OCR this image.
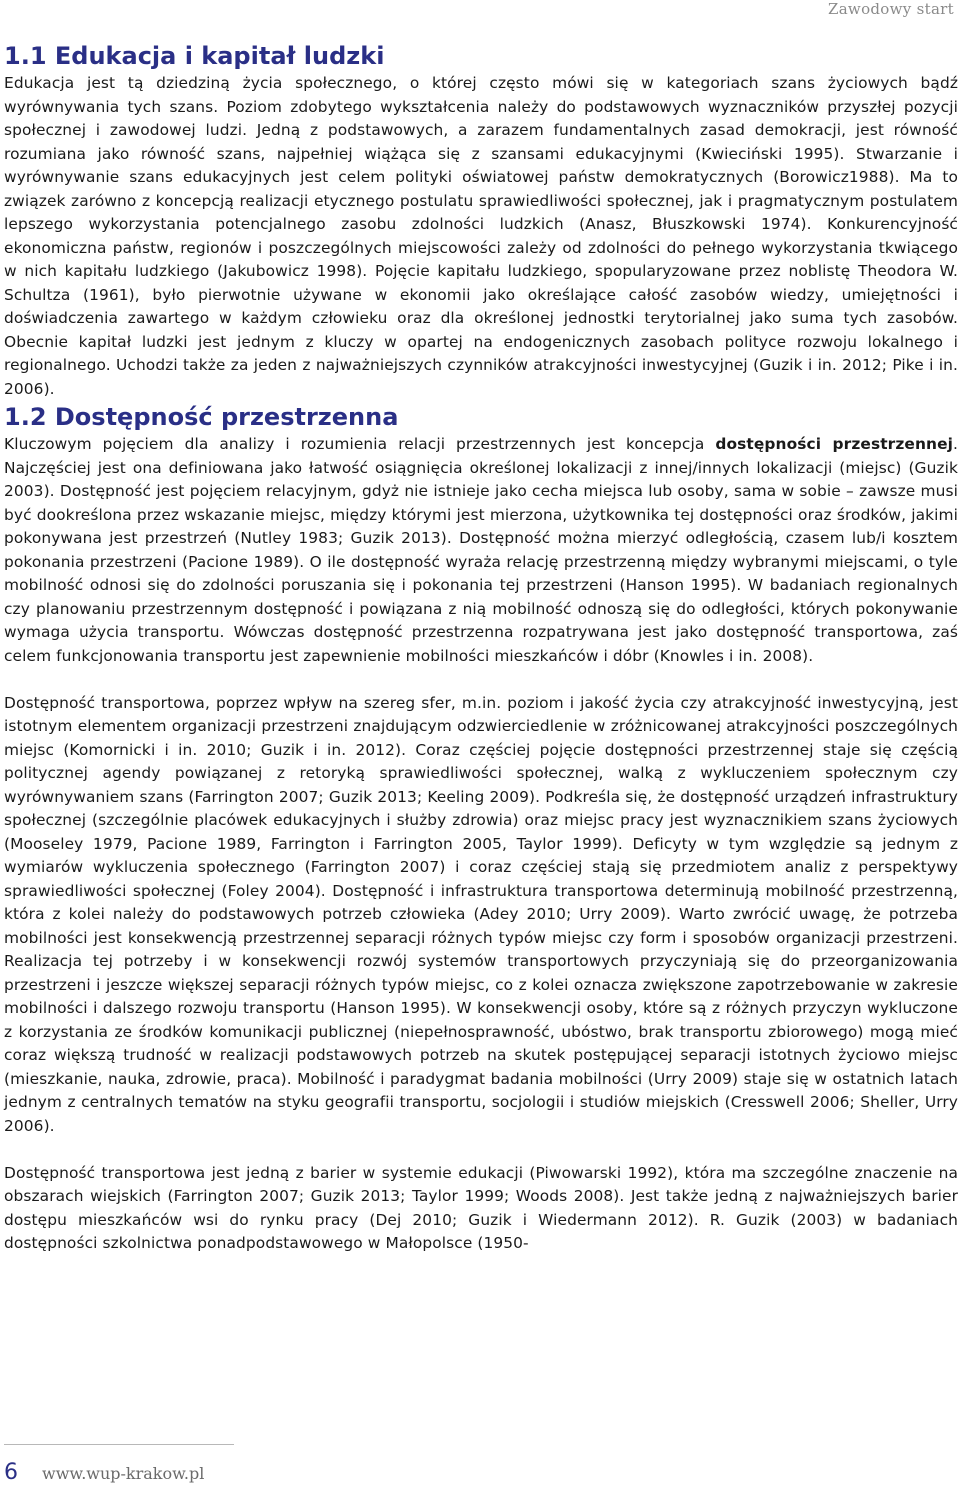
Zawodowy start
1.1 Edukacja i kapitał ludzki

Edukacja jest tą dziedziną życia społecznego, o której często mówi się w kategoriach szans życiowych bądź wyrównywania tych szans. Poziom zdobytego wykształcenia należy do podstawowych wyznaczników przyszłej pozycji społecznej i zawodowej ludzi. Jedną z podstawowych, a zarazem fundamentalnych zasad demokracji, jest równość rozumiana jako równość szans, najpełniej wiążąca się z szansami edukacyjnymi (Kwieciński 1995). Stwarzanie i wyrównywanie szans edukacyjnych jest celem polityki oświatowej państw demokratycznych (Borowicz1988). Ma to związek zarówno z koncepcją realizacji etycznego postulatu sprawiedliwości społecznej, jak i pragmatycznym postulatem lepszego wykorzystania potencjalnego zasobu zdolności ludzkich (Anasz, Błuszkowski 1974). Konkurencyjność ekonomiczna państw, regionów i poszczególnych miejscowości zależy od zdolności do pełnego wykorzystania tkwiącego w nich kapitału ludzkiego (Jakubowicz 1998). Pojęcie kapitału ludzkiego, spopularyzowane przez noblistę Theodora W. Schultza (1961), było pierwotnie używane w ekonomii jako określające całość zasobów wiedzy, umiejętności i doświadczenia zawartego w każdym człowieku oraz dla określonej jednostki terytorialnej jako suma tych zasobów. Obecnie kapitał ludzki jest jednym z kluczy w opartej na endogenicznych zasobach polityce rozwoju lokalnego i regionalnego. Uchodzi także za jeden z najważniejszych czynników atrakcyjności inwestycyjnej (Guzik i in. 2012; Pike i in. 2006).

1.2 Dostępność przestrzenna

Kluczowym pojęciem dla analizy i rozumienia relacji przestrzennych jest koncepcja dostępności przestrzennej. Najczęściej jest ona definiowana jako łatwość osiągnięcia określonej lokalizacji z innej/innych lokalizacji (miejsc) (Guzik 2003). Dostępność jest pojęciem relacyjnym, gdyż nie istnieje jako cecha miejsca lub osoby, sama w sobie – zawsze musi być dookreślona przez wskazanie miejsc, między którymi jest mierzona, użytkownika tej dostępności oraz środków, jakimi pokonywana jest przestrzeń (Nutley 1983; Guzik 2013). Dostępność można mierzyć odległością, czasem lub/i kosztem pokonania przestrzeni (Pacione 1989). O ile dostępność wyraża relację przestrzenną między wybranymi miejscami, o tyle mobilność odnosi się do zdolności poruszania się i pokonania tej przestrzeni (Hanson 1995). W badaniach regionalnych czy planowaniu przestrzennym dostępność i powiązana z nią mobilność odnoszą się do odległości, których pokonywanie wymaga użycia transportu. Wówczas dostępność przestrzenna rozpatrywana jest jako dostępność transportowa, zaś celem funkcjonowania transportu jest zapewnienie mobilności mieszkańców i dóbr (Knowles i in. 2008).

Dostępność transportowa, poprzez wpływ na szereg sfer, m.in. poziom i jakość życia czy atrakcyjność inwestycyjną, jest istotnym elementem organizacji przestrzeni znajdującym odzwierciedlenie w zróżnicowanej atrakcyjności poszczególnych miejsc (Komornicki i in. 2010; Guzik i in. 2012). Coraz częściej pojęcie dostępności przestrzennej staje się częścią politycznej agendy powiązanej z retoryką sprawiedliwości społecznej, walką z wykluczeniem społecznym czy wyrównywaniem szans (Farrington 2007; Guzik 2013; Keeling 2009). Podkreśla się, że dostępność urządzeń infrastruktury społecznej (szczególnie placówek edukacyjnych i służby zdrowia) oraz miejsc pracy jest wyznacznikiem szans życiowych (Mooseley 1979, Pacione 1989, Farrington i Farrington 2005, Taylor 1999). Deficyty w tym względzie są jednym z wymiarów wykluczenia społecznego (Farrington 2007) i coraz częściej stają się przedmiotem analiz z perspektywy sprawiedliwości społecznej (Foley 2004). Dostępność i infrastruktura transportowa determinują mobilność przestrzenną, która z kolei należy do podstawowych potrzeb człowieka (Adey 2010; Urry 2009). Warto zwrócić uwagę, że potrzeba mobilności jest konsekwencją przestrzennej separacji różnych typów miejsc czy form i sposobów organizacji przestrzeni. Realizacja tej potrzeby i w konsekwencji rozwój systemów transportowych przyczyniają się do przeorganizowania przestrzeni i jeszcze większej separacji różnych typów miejsc, co z kolei oznacza zwiększone zapotrzebowanie w zakresie mobilności i dalszego rozwoju transportu (Hanson 1995). W konsekwencji osoby, które są z różnych przyczyn wykluczone z korzystania ze środków komunikacji publicznej (niepełnosprawność, ubóstwo, brak transportu zbiorowego) mogą mieć coraz większą trudność w realizacji podstawowych potrzeb na skutek postępującej separacji istotnych życiowo miejsc (mieszkanie, nauka, zdrowie, praca). Mobilność i paradygmat badania mobilności (Urry 2009) staje się w ostatnich latach jednym z centralnych tematów na styku geografii transportu, socjologii i studiów miejskich (Cresswell 2006; Sheller, Urry 2006).

Dostępność transportowa jest jedną z barier w systemie edukacji (Piwowarski 1992), która ma szczególne znaczenie na obszarach wiejskich (Farrington 2007; Guzik 2013; Taylor 1999; Woods 2008). Jest także jedną z najważniejszych barier dostępu mieszkańców wsi do rynku pracy (Dej 2010; Guzik i Wiedermann 2012). R. Guzik (2003) w badaniach dostępności szkolnictwa ponadpodstawowego w Małopolsce (1950-

6 www.wup-krakow.pl
